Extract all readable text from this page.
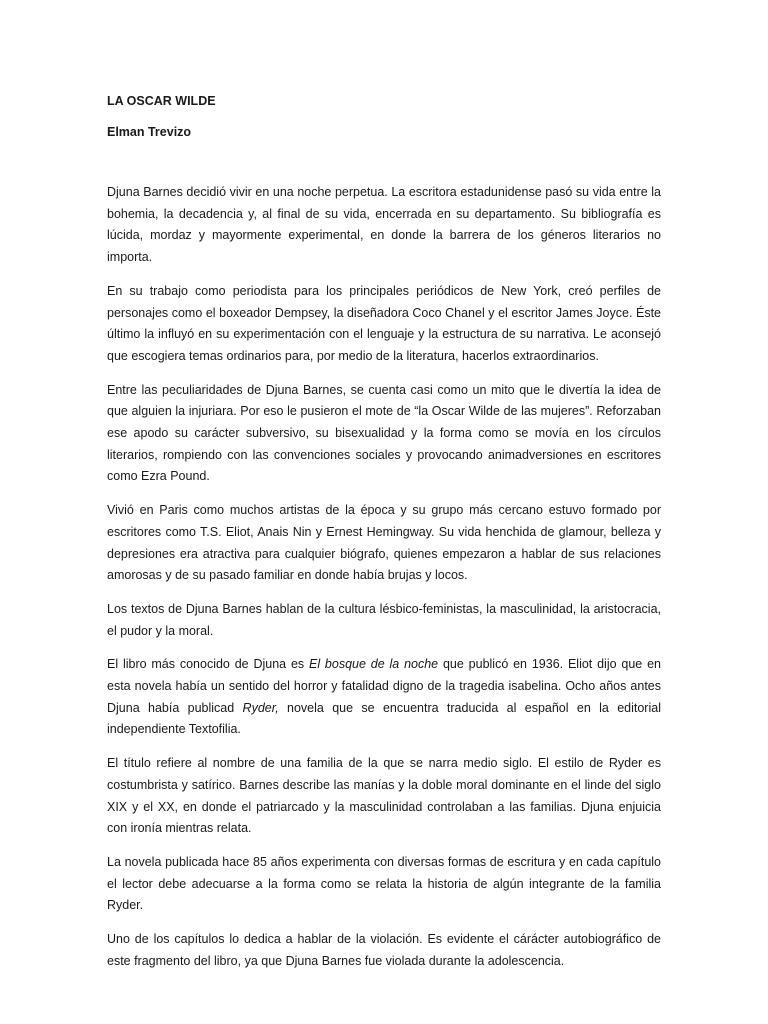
LA OSCAR WILDE

Elman Trevizo

Djuna Barnes decidió vivir en una noche perpetua. La escritora estadunidense pasó su vida entre la bohemia, la decadencia y, al final de su vida, encerrada en su departamento. Su bibliografía es lúcida, mordaz y mayormente experimental, en donde la barrera de los géneros literarios no importa.

En su trabajo como periodista para los principales periódicos de New York, creó perfiles de personajes como el boxeador Dempsey, la diseñadora Coco Chanel y el escritor James Joyce. Éste último la influyó en su experimentación con el lenguaje y la estructura de su narrativa. Le aconsejó que escogiera temas ordinarios para, por medio de la literatura, hacerlos extraordinarios.

Entre las peculiaridades de Djuna Barnes, se cuenta casi como un mito que le divertía la idea de que alguien la injuriara. Por eso le pusieron el mote de “la Oscar Wilde de las mujeres”. Reforzaban ese apodo su carácter subversivo, su bisexualidad y la forma como se movía en los círculos literarios, rompiendo con las convenciones sociales y provocando animadversiones en escritores como Ezra Pound.

Vivió en Paris como muchos artistas de la época y su grupo más cercano estuvo formado por escritores como T.S. Eliot, Anais Nin y Ernest Hemingway. Su vida henchida de glamour, belleza y depresiones era atractiva para cualquier biógrafo, quienes empezaron a hablar de sus relaciones amorosas y de su pasado familiar en donde había brujas y locos.

Los textos de Djuna Barnes hablan de la cultura lésbico-feministas, la masculinidad, la aristocracia, el pudor y la moral.

El libro más conocido de Djuna es El bosque de la noche que publicó en 1936. Eliot dijo que en esta novela había un sentido del horror y fatalidad digno de la tragedia isabelina. Ocho años antes Djuna había publicad Ryder, novela que se encuentra traducida al español en la editorial independiente Textofilia.

El título refiere al nombre de una familia de la que se narra medio siglo. El estilo de Ryder es costumbrista y satírico. Barnes describe las manías y la doble moral dominante en el linde del siglo XIX y el XX, en donde el patriarcado y la masculinidad controlaban a las familias. Djuna enjuicia con ironía mientras relata.

La novela publicada hace 85 años experimenta con diversas formas de escritura y en cada capítulo el lector debe adecuarse a la forma como se relata la historia de algún integrante de la familia Ryder.

Uno de los capítulos lo dedica a hablar de la violación. Es evidente el cárácter autobiográfico de este fragmento del libro, ya que Djuna Barnes fue violada durante la adolescencia.
